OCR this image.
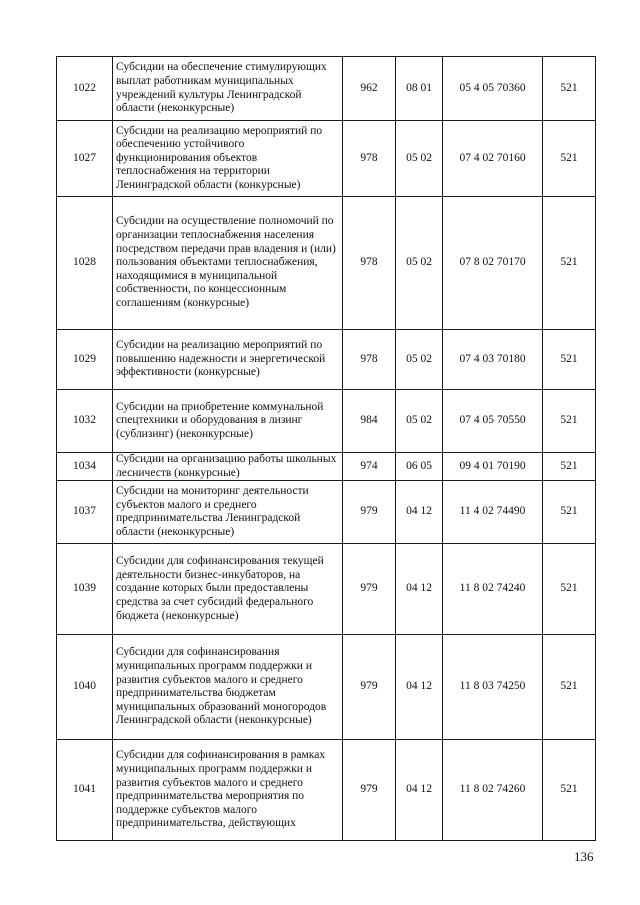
1022	Субсидии на обеспечение стимулирующих выплат работникам муниципальных учреждений культуры Ленинградской области (неконкурсные)	962	08 01	05 4 05 70360	521
1027	Субсидии на реализацию мероприятий по обеспечению устойчивого функционирования объектов теплоснабжения на территории Ленинградской области (конкурсные)	978	05 02	07 4 02 70160	521
1028	Субсидии на осуществление полномочий по организации теплоснабжения населения посредством передачи прав владения и (или) пользования объектами теплоснабжения, находящимися в муниципальной собственности, по концессионным соглашениям (конкурсные)	978	05 02	07 8 02 70170	521
1029	Субсидии на реализацию мероприятий по повышению надежности и энергетической эффективности (конкурсные)	978	05 02	07 4 03 70180	521
1032	Субсидии на приобретение коммунальной спецтехники и оборудования в лизинг (сублизинг) (неконкурсные)	984	05 02	07 4 05 70550	521
1034	Субсидии на организацию работы школьных лесничеств (конкурсные)	974	06 05	09 4 01 70190	521
1037	Субсидии на мониторинг деятельности субъектов малого и среднего предпринимательства Ленинградской области (неконкурсные)	979	04 12	11 4 02 74490	521
1039	Субсидии для софинансирования текущей деятельности бизнес-инкубаторов, на создание которых были предоставлены средства за счет субсидий федерального бюджета (неконкурсные)	979	04 12	11 8 02 74240	521
1040	Субсидии для софинансирования муниципальных программ поддержки и развития субъектов малого и среднего предпринимательства бюджетам муниципальных образований моногородов Ленинградской области (неконкурсные)	979	04 12	11 8 03 74250	521
1041	Субсидии для софинансирования в рамках муниципальных программ поддержки и развития субъектов малого и среднего предпринимательства мероприятия по поддержке субъектов малого предпринимательства, действующих	979	04 12	11 8 02 74260	521
136
